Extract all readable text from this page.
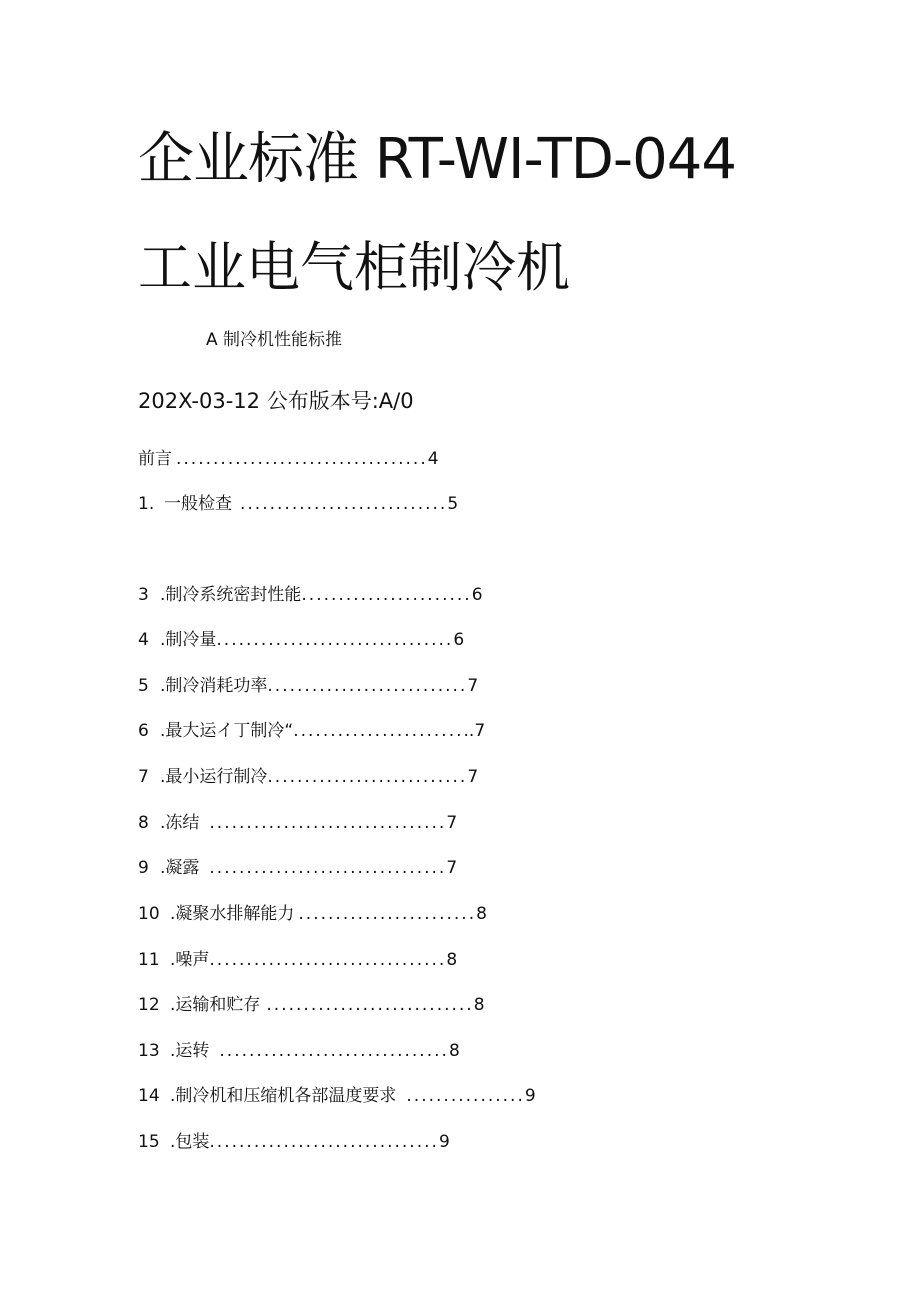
企业标准 RT-WI-TD-044
工业电气柜制冷机
A 制冷机性能标推
202X-03-12 公布版本号:A/0
前言 ..................................4
1. 一般检查 ............................5
3 .制冷系统密封性能.......................6
4 .制冷量................................6
5 .制冷消耗功率...........................7
6 .最大运イ丁制冷“.........................7
7 .最小运行制冷...........................7
8 .冻结 ................................7
9 .凝露 ................................7
10 .凝聚水排解能力 ........................8
11 .噪声................................8
12 .运输和贮存 ............................8
13 .运转 ...............................8
14 .制冷机和压缩机各部温度要求 ................9
15 .包装...............................9
